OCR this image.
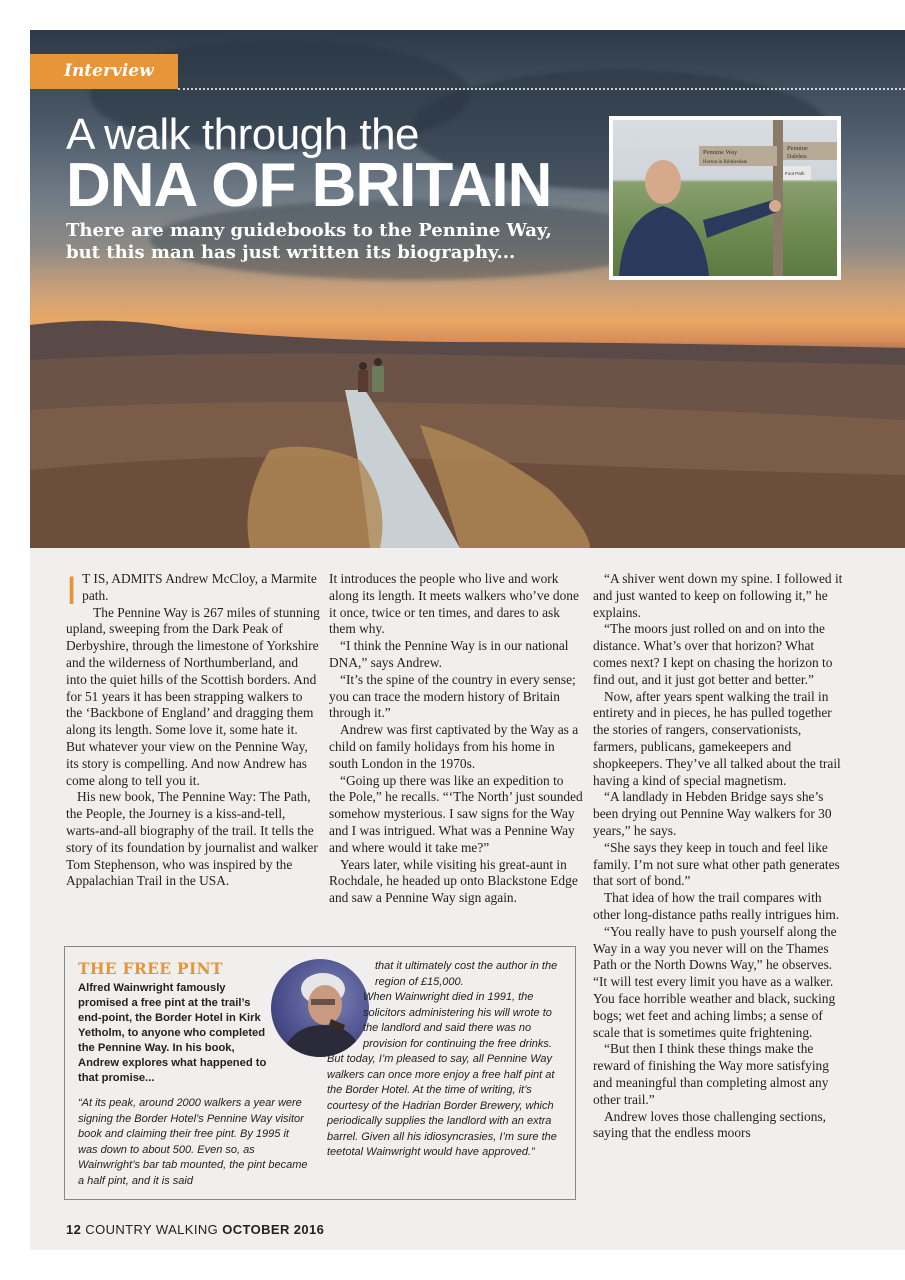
Interview
A walk through the
DNA OF BRITAIN
There are many guidebooks to the Pennine Way, but this man has just written its biography...
Pennine Way
Horton in Ribblesdale
Pennine
Dalehea
Foot Path
I T IS, ADMITS Andrew McCloy, a Marmite path.

The Pennine Way is 267 miles of stunning upland, sweeping from the Dark Peak of Derbyshire, through the limestone of Yorkshire and the wilderness of Northumberland, and into the quiet hills of the Scottish borders. And for 51 years it has been strapping walkers to the ‘Backbone of England’ and dragging them along its length. Some love it, some hate it. But whatever your view on the Pennine Way, its story is compelling. And now Andrew has come along to tell you it.

His new book, The Pennine Way: The Path, the People, the Journey is a kiss-and-tell, warts-and-all biography of the trail. It tells the story of its foundation by journalist and walker Tom Stephenson, who was inspired by the Appalachian Trail in the USA.

It introduces the people who live and work along its length. It meets walkers who’ve done it once, twice or ten times, and dares to ask them why.

“I think the Pennine Way is in our national DNA,” says Andrew.

“It’s the spine of the country in every sense; you can trace the modern history of Britain through it.”

Andrew was first captivated by the Way as a child on family holidays from his home in south London in the 1970s.

“Going up there was like an expedition to the Pole,” he recalls. “‘The North’ just sounded somehow mysterious. I saw signs for the Way and I was intrigued. What was a Pennine Way and where would it take me?”

Years later, while visiting his great-aunt in Rochdale, he headed up onto Blackstone Edge and saw a Pennine Way sign again.

“A shiver went down my spine. I followed it and just wanted to keep on following it,” he explains.

“The moors just rolled on and on into the distance. What’s over that horizon? What comes next? I kept on chasing the horizon to find out, and it just got better and better.”

Now, after years spent walking the trail in entirety and in pieces, he has pulled together the stories of rangers, conservationists, farmers, publicans, gamekeepers and shopkeepers. They’ve all talked about the trail having a kind of special magnetism.

“A landlady in Hebden Bridge says she’s been drying out Pennine Way walkers for 30 years,” he says.

“She says they keep in touch and feel like family. I’m not sure what other path generates that sort of bond.”

That idea of how the trail compares with other long-distance paths really intrigues him.

“You really have to push yourself along the Way in a way you never will on the Thames Path or the North Downs Way,” he observes. “It will test every limit you have as a walker. You face horrible weather and black, sucking bogs; wet feet and aching limbs; a sense of scale that is sometimes quite frightening.

“But then I think these things make the reward of finishing the Way more satisfying and meaningful than completing almost any other trail.”

Andrew loves those challenging sections, saying that the endless moors

THE FREE PINT
Alfred Wainwright famously promised a free pint at the trail’s end-point, the Border Hotel in Kirk Yetholm, to anyone who completed the Pennine Way. In his book, Andrew explores what happened to that promise...
“At its peak, around 2000 walkers a year were signing the Border Hotel’s Pennine Way visitor book and claiming their free pint. By 1995 it was down to about 500. Even so, as Wainwright’s bar tab mounted, the pint became a half pint, and it is said

that it ultimately cost the author in the region of £15,000.

When Wainwright died in 1991, the solicitors administering his will wrote to the landlord and said there was no provision for continuing the free drinks.

But today, I’m pleased to say, all Pennine Way walkers can once more enjoy a free half pint at the Border Hotel. At the time of writing, it’s courtesy of the Hadrian Border Brewery, which periodically supplies the landlord with an extra barrel. Given all his idiosyncrasies, I’m sure the teetotal Wainwright would have approved.”

12 COUNTRY WALKING OCTOBER 2016
